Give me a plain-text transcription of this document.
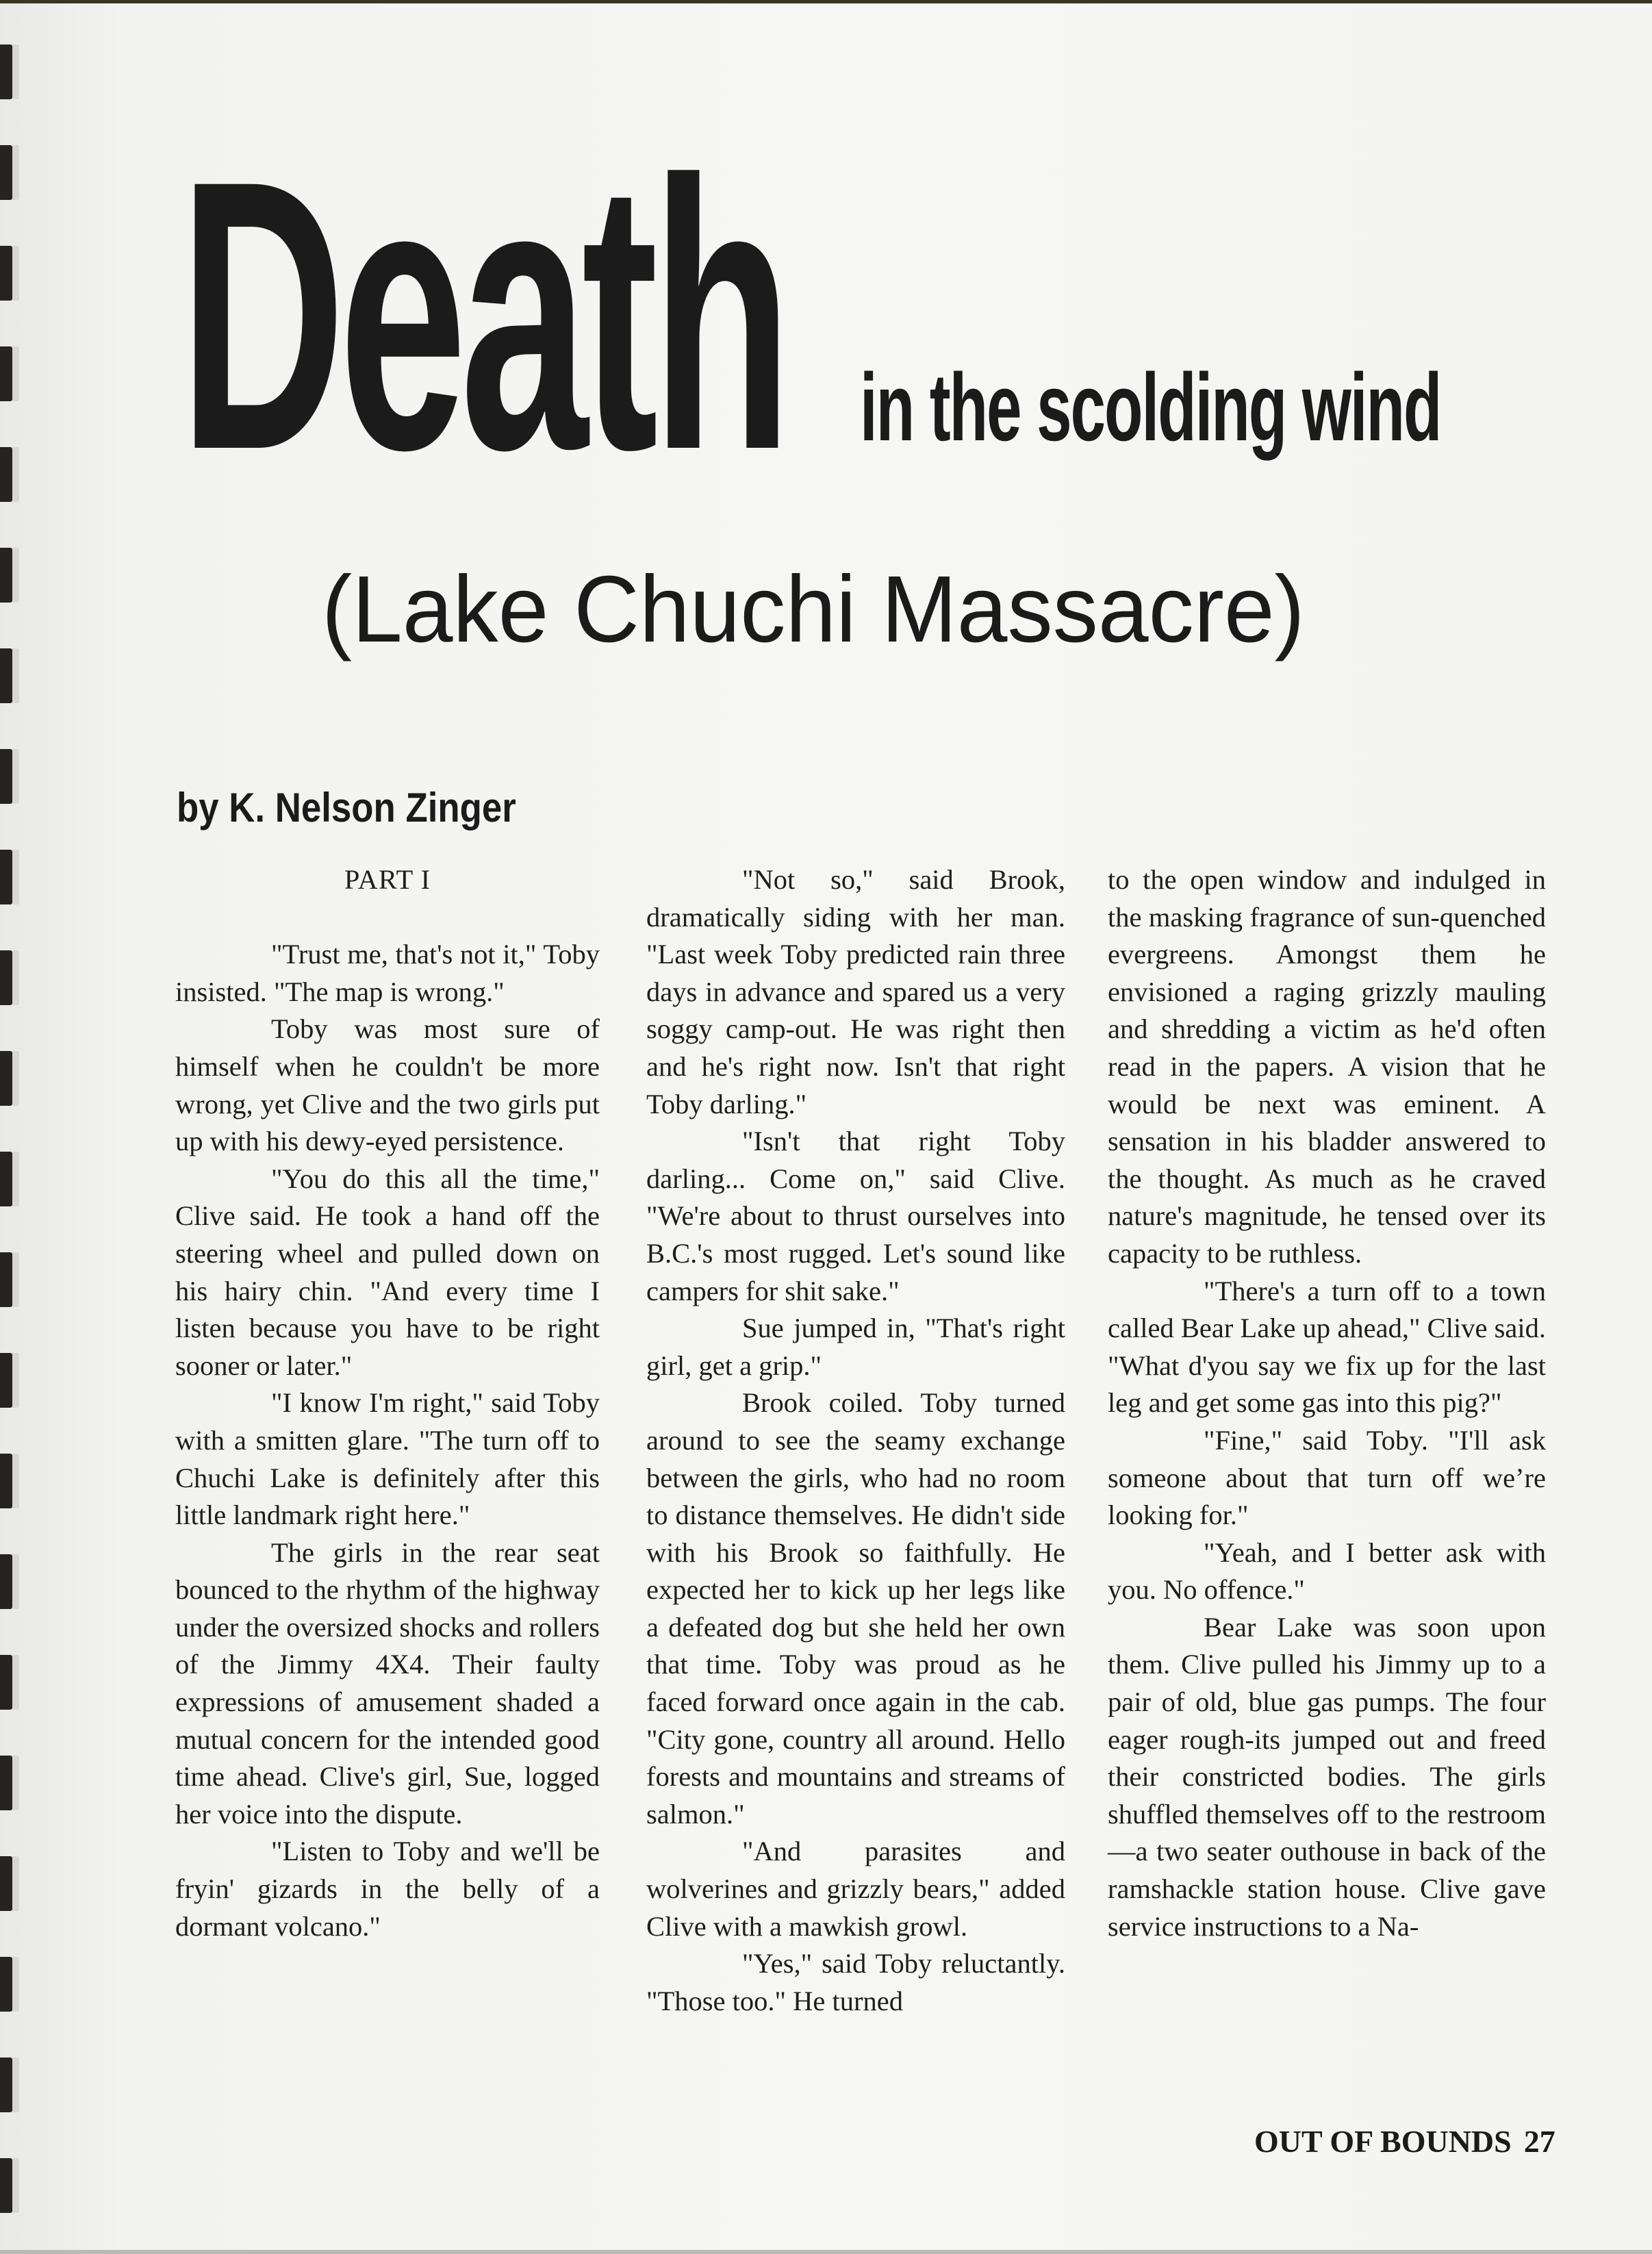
Death in the scolding wind
(Lake Chuchi Massacre)
by K. Nelson Zinger
PART I

"Trust me, that's not it," Toby insisted. "The map is wrong."

Toby was most sure of himself when he couldn't be more wrong, yet Clive and the two girls put up with his dewy-eyed persistence.

"You do this all the time," Clive said. He took a hand off the steering wheel and pulled down on his hairy chin. "And every time I listen because you have to be right sooner or later."

"I know I'm right," said Toby with a smitten glare. "The turn off to Chuchi Lake is definitely after this little landmark right here."

The girls in the rear seat bounced to the rhythm of the highway under the oversized shocks and rollers of the Jimmy 4X4. Their faulty expressions of amusement shaded a mutual concern for the intended good time ahead. Clive's girl, Sue, logged her voice into the dispute.

"Listen to Toby and we'll be fryin' gizards in the belly of a dormant volcano."

"Not so," said Brook, dramatically siding with her man. "Last week Toby predicted rain three days in advance and spared us a very soggy camp-out. He was right then and he's right now. Isn't that right Toby darling."

"Isn't that right Toby darling... Come on," said Clive. "We're about to thrust ourselves into B.C.'s most rugged. Let's sound like campers for shit sake."

Sue jumped in, "That's right girl, get a grip."

Brook coiled. Toby turned around to see the seamy exchange between the girls, who had no room to distance themselves. He didn't side with his Brook so faithfully. He expected her to kick up her legs like a defeated dog but she held her own that time. Toby was proud as he faced forward once again in the cab. "City gone, country all around. Hello forests and mountains and streams of salmon."

"And parasites and wolverines and grizzly bears," added Clive with a mawkish growl.

"Yes," said Toby reluctantly. "Those too." He turned

to the open window and indulged in the masking fragrance of sun-quenched evergreens. Amongst them he envisioned a raging grizzly mauling and shredding a victim as he'd often read in the papers. A vision that he would be next was eminent. A sensation in his bladder answered to the thought. As much as he craved nature's magnitude, he tensed over its capacity to be ruthless.

"There's a turn off to a town called Bear Lake up ahead," Clive said. "What d'you say we fix up for the last leg and get some gas into this pig?"

"Fine," said Toby. "I'll ask someone about that turn off we’re looking for."

"Yeah, and I better ask with you. No offence."

Bear Lake was soon upon them. Clive pulled his Jimmy up to a pair of old, blue gas pumps. The four eager rough-its jumped out and freed their constricted bodies. The girls shuffled themselves off to the restroom—a two seater outhouse in back of the ramshackle station house. Clive gave service instructions to a Na-

OUT OF BOUNDS 27
